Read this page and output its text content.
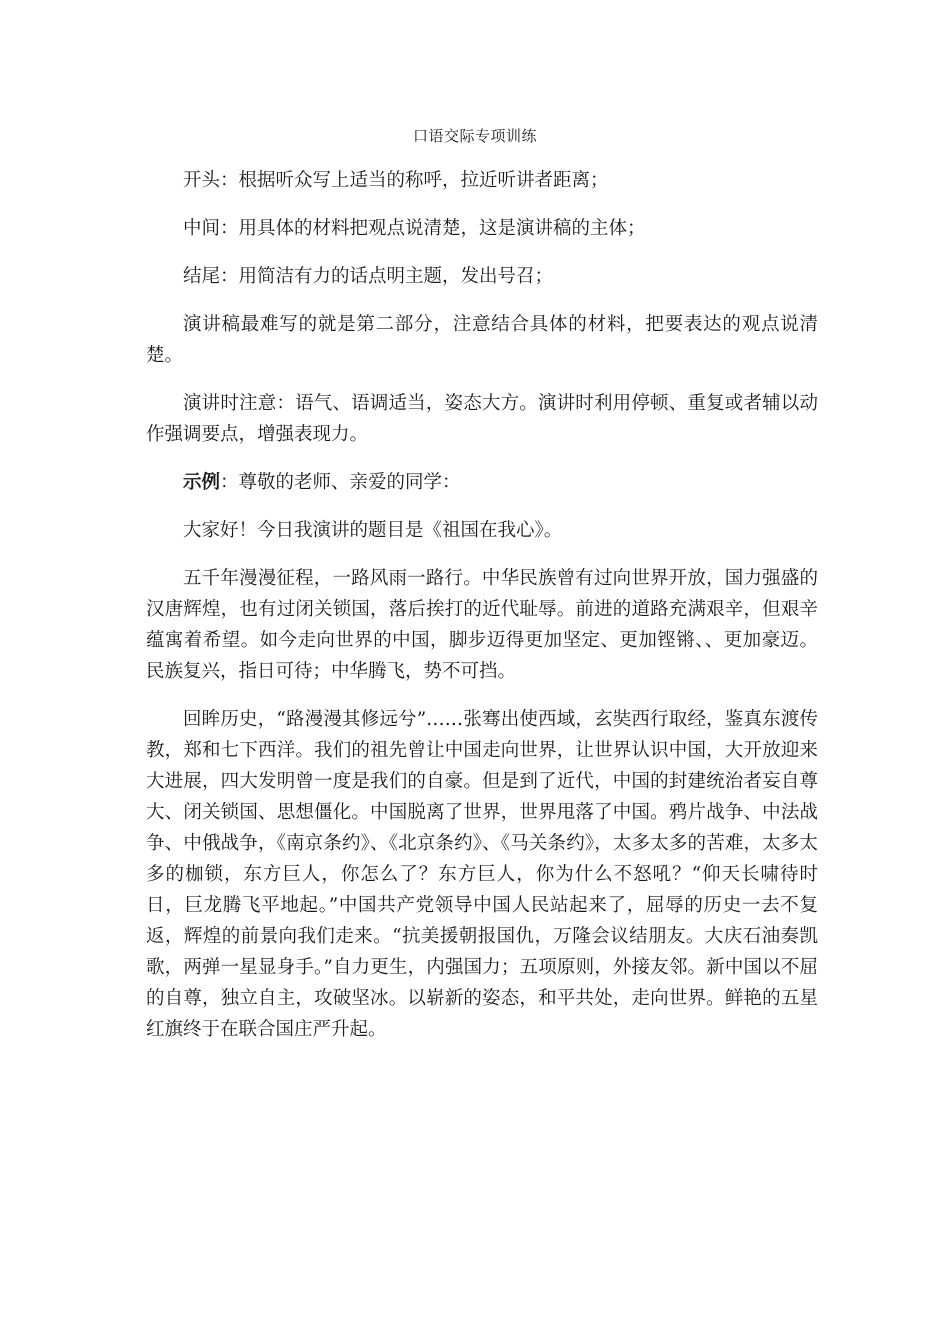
口语交际专项训练

开头：根据听众写上适当的称呼，拉近听讲者距离；

中间：用具体的材料把观点说清楚，这是演讲稿的主体；

结尾：用简洁有力的话点明主题，发出号召；

演讲稿最难写的就是第二部分，注意结合具体的材料，把要表达的观点说清楚。

演讲时注意：语气、语调适当，姿态大方。演讲时利用停顿、重复或者辅以动作强调要点，增强表现力。

示例：尊敬的老师、亲爱的同学：

大家好！今日我演讲的题目是《祖国在我心》。

五千年漫漫征程，一路风雨一路行。中华民族曾有过向世界开放，国力强盛的汉唐辉煌，也有过闭关锁国，落后挨打的近代耻辱。前进的道路充满艰辛，但艰辛蕴寓着希望。如今走向世界的中国，脚步迈得更加坚定、更加铿锵、、更加豪迈。民族复兴，指日可待；中华腾飞，势不可挡。

回眸历史，“路漫漫其修远兮”……张骞出使西域，玄奘西行取经，鉴真东渡传教，郑和七下西洋。我们的祖先曾让中国走向世界，让世界认识中国，大开放迎来大进展，四大发明曾一度是我们的自豪。但是到了近代，中国的封建统治者妄自尊大、闭关锁国、思想僵化。中国脱离了世界，世界甩落了中国。鸦片战争、中法战争、中俄战争，《南京条约》、《北京条约》、《马关条约》，太多太多的苦难，太多太多的枷锁，东方巨人，你怎么了？东方巨人，你为什么不怒吼？“仰天长啸待时日，巨龙腾飞平地起。”中国共产党领导中国人民站起来了，屈辱的历史一去不复返，辉煌的前景向我们走来。“抗美援朝报国仇，万隆会议结朋友。大庆石油奏凯歌，两弹一星显身手。”自力更生，内强国力；五项原则，外接友邻。新中国以不屈的自尊，独立自主，攻破坚冰。以崭新的姿态，和平共处，走向世界。鲜艳的五星红旗终于在联合国庄严升起。
